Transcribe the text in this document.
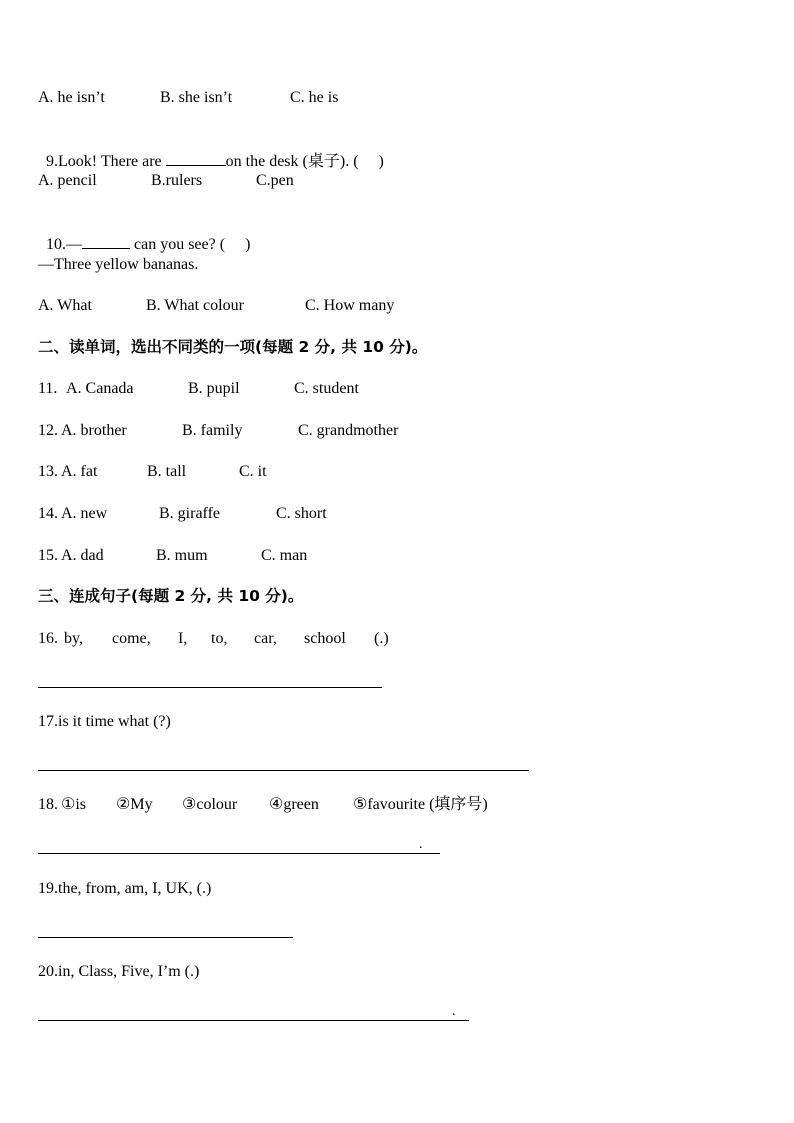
A. he isn’t

	B. she isn’t

	C. he is

9.Look! There are	on the desk (桌子). (     )

A. pencil

	B.rulers

	C.pen

10.—	can you see? (     )

—Three yellow bananas.

A. What

	B. What colour

	C. How many

二、读单词，选出不同类的一项(每题 2 分, 共 10 分)。

11.

A. Canada

	B. pupil

	C. student

12.

A. brother

	B. family

	C. grandmother

13.

A. fat

	B. tall

	C. it

14.

A. new

	B. giraffe

	C. short

15.

A. dad

	B. mum

	C. man

三、连成句子(每题 2 分, 共 10 分)。

16.

by,

come,

I,

to,

car,

school

(.)

17.is it time what (?)

18.

①is

②My

③colour

④green

⑤favourite (填序号)

.
19.the, from, am, I, UK, (.)
20.in, Class, Five, I’m (.)
.
